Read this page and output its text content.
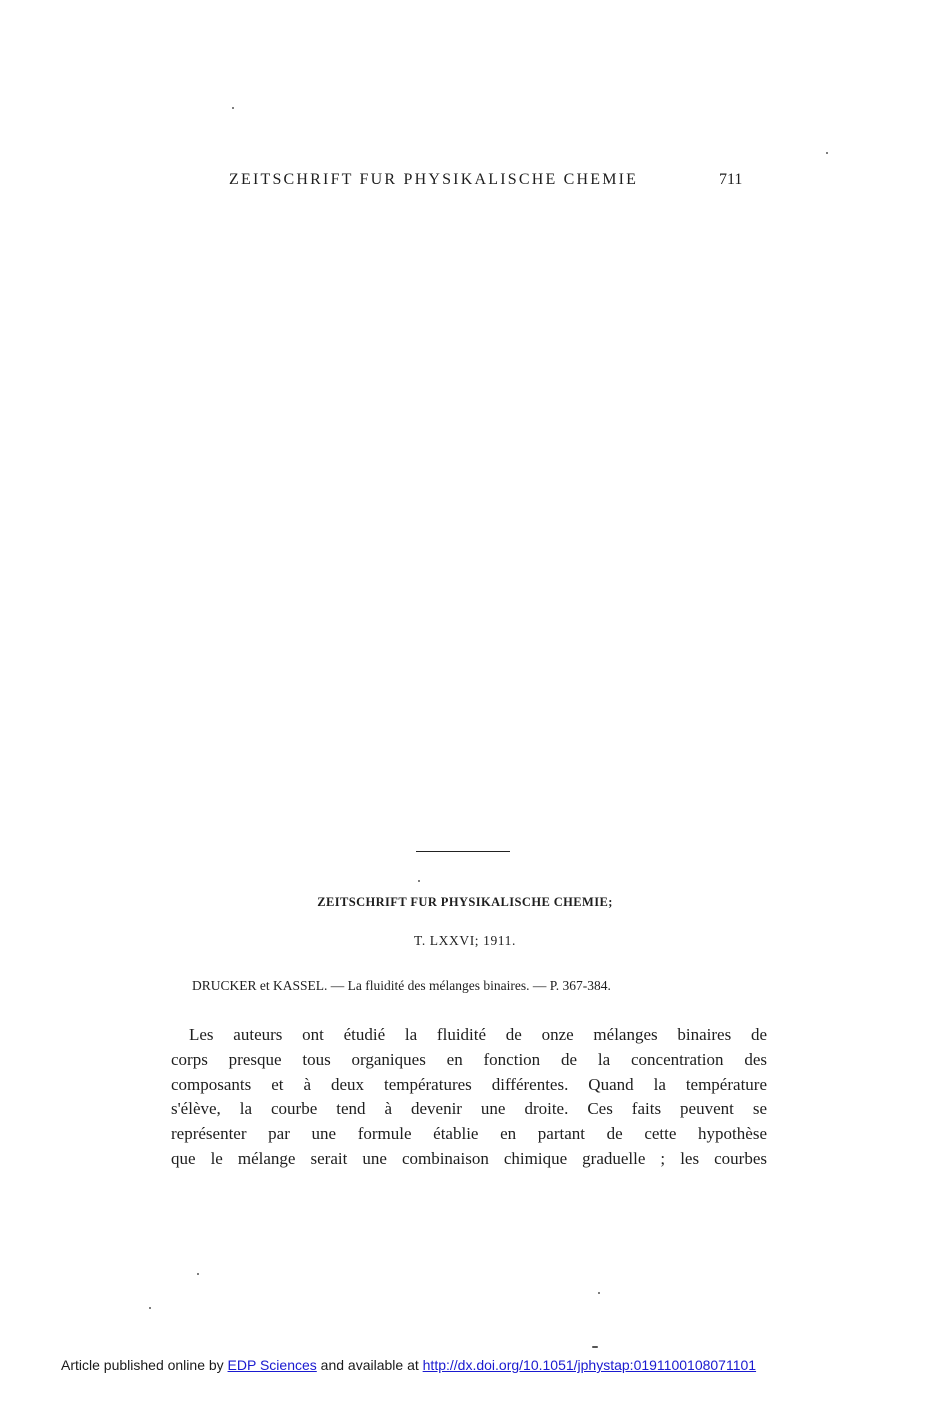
ZEITSCHRIFT FUR PHYSIKALISCHE CHEMIE	711
ZEITSCHRIFT FUR PHYSIKALISCHE CHEMIE;
T. LXXVI; 1911.
DRUCKER et KASSEL. — La fluidité des mélanges binaires. — P. 367-384.
Les auteurs ont étudié la fluidité de onze mélanges binaires de
corps presque tous organiques en fonction de la concentration des
composants et à deux températures différentes. Quand la température
s'élève, la courbe tend à devenir une droite. Ces faits peuvent se
représenter par une formule établie en partant de cette hypothèse
que le mélange serait une combinaison chimique graduelle ; les courbes
Article published online by EDP Sciences and available at http://dx.doi.org/10.1051/jphystap:0191100108071101
